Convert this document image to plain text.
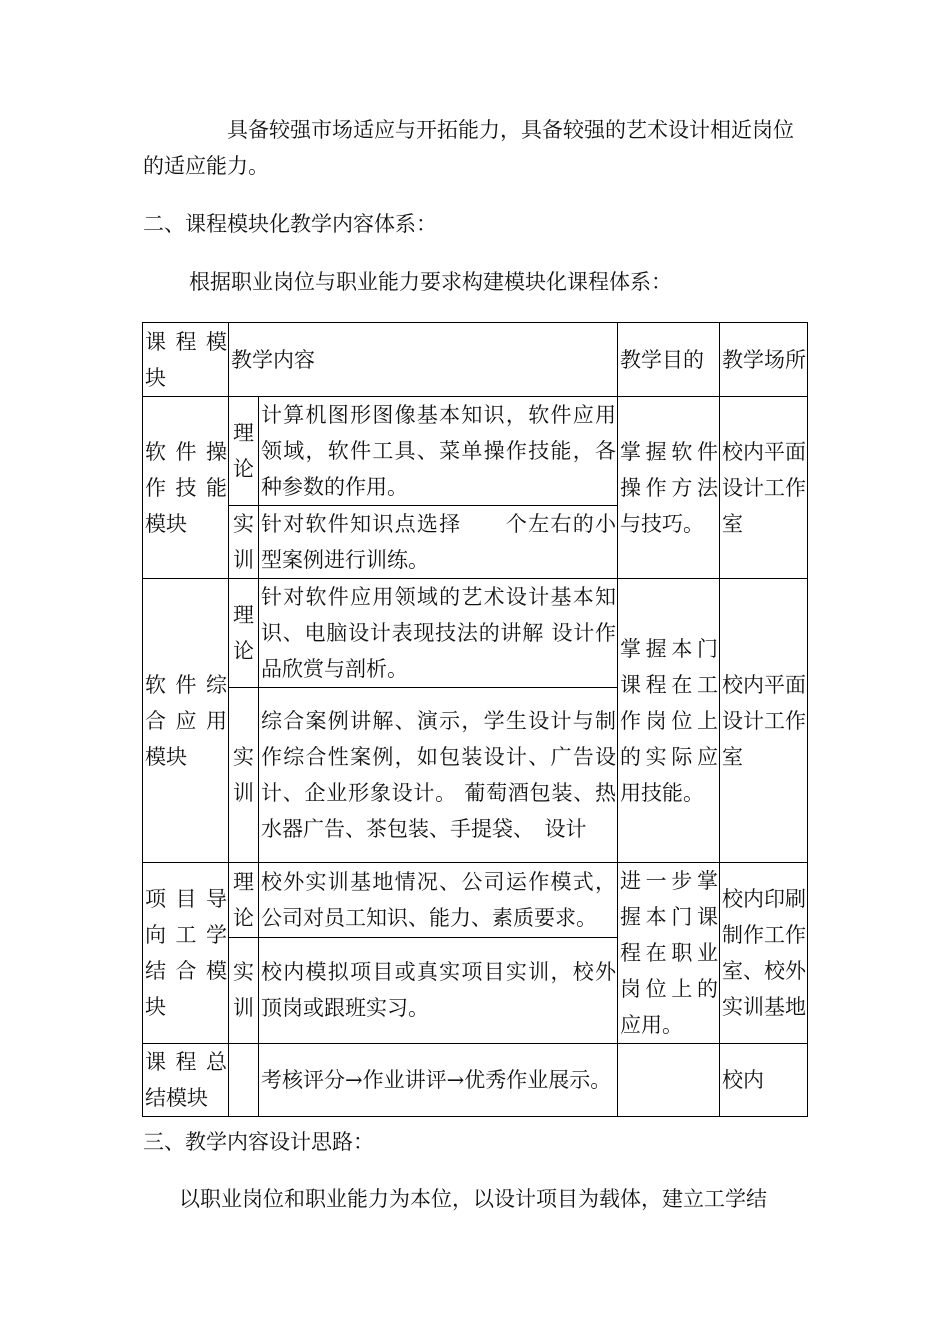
具备较强市场适应与开拓能力，具备较强的艺术设计相近岗位的适应能力。

二、课程模块化教学内容体系：

根据职业岗位与职业能力要求构建模块化课程体系：

课程模块	教学内容		教学目的	教学场所
软件操作技能模块	理论	计算机图形图像基本知识，软件应用领域，软件工具、菜单操作技能，各种参数的作用。	掌握软件操作方法与技巧。	校内平面设计工作室
	实训	针对软件知识点选择　　个左右的小型案例进行训练。		
软件综合应用模块	理论	针对软件应用领域的艺术设计基本知识、电脑设计表现技法的讲解 设计作品欣赏与剖析。	掌握本门课程在工作岗位上的实际应用技能。	校内平面设计工作室
	实训	综合案例讲解、演示，学生设计与制作综合性案例，如包装设计、广告设计、企业形象设计。 葡萄酒包装、热水器广告、茶包装、手提袋、　设计		
项目导向工学结合模块	理论	校外实训基地情况、公司运作模式，公司对员工知识、能力、素质要求。	进一步掌握本门课程在职业岗位上的应用。	校内印刷制作工作室、校外实训基地
	实训	校内模拟项目或真实项目实训，校外顶岗或跟班实习。		
课程总结模块		考核评分→作业讲评→优秀作业展示。		校内

三、教学内容设计思路：

以职业岗位和职业能力为本位，以设计项目为载体，建立工学结
